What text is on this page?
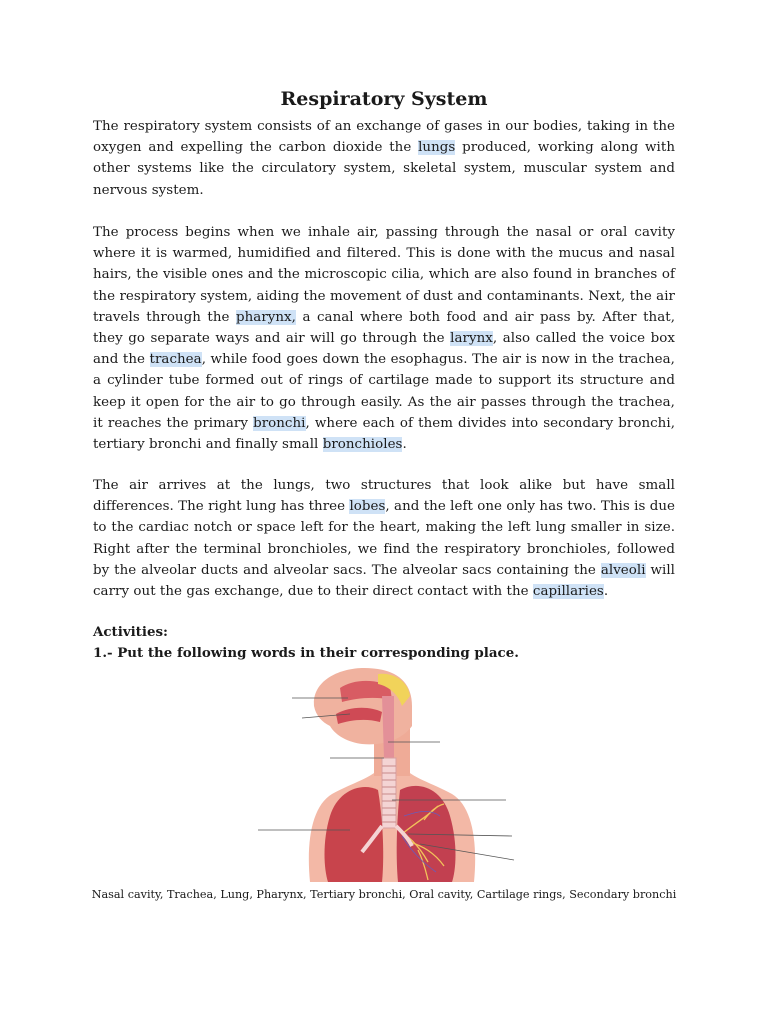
Respiratory System

The respiratory system consists of an exchange of gases in our bodies, taking in the oxygen and expelling the carbon dioxide the lungs produced, working along with other systems like the circulatory system, skeletal system, muscular system and nervous system.

The process begins when we inhale air, passing through the nasal or oral cavity where it is warmed, humidified and filtered. This is done with the mucus and nasal hairs, the visible ones and the microscopic cilia, which are also found in branches of the respiratory system, aiding the movement of dust and contaminants. Next, the air travels through the pharynx, a canal where both food and air pass by. After that, they go separate ways and air will go through the larynx, also called the voice box and the trachea, while food goes down the esophagus. The air is now in the trachea, a cylinder tube formed out of rings of cartilage made to support its structure and keep it open for the air to go through easily. As the air passes through the trachea, it reaches the primary bronchi, where each of them divides into secondary bronchi, tertiary bronchi and finally small bronchioles.

The air arrives at the lungs, two structures that look alike but have small differences. The right lung has three lobes, and the left one only has two. This is due to the cardiac notch or space left for the heart, making the left lung smaller in size. Right after the terminal bronchioles, we find the respiratory bronchioles, followed by the alveolar ducts and alveolar sacs. The alveolar sacs containing the alveoli will carry out the gas exchange, due to their direct contact with the capillaries.

Activities:

1.- Put the following words in their corresponding place.

Nasal cavity, Trachea, Lung, Pharynx, Tertiary bronchi, Oral cavity, Cartilage rings, Secondary bronchi
